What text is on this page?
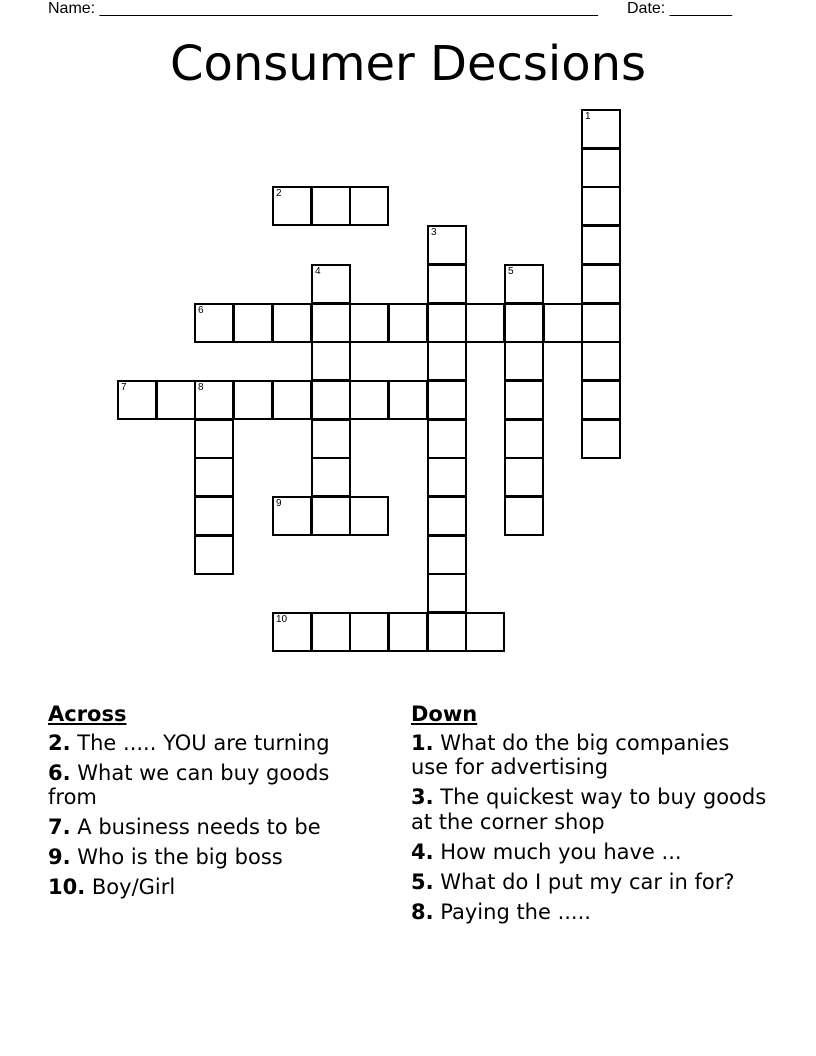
Name: ________________________________________________________ Date: _______
Consumer Decsions
1
2
3
4	5
6
7	8
9
10
Across
2. The ..... YOU are turning
6. What we can buy goods from
7. A business needs to be
9. Who is the big boss
10. Boy/Girl
Down
1. What do the big companies use for advertising
3. The quickest way to buy goods at the corner shop
4. How much you have ...
5. What do I put my car in for?
8. Paying the .....
